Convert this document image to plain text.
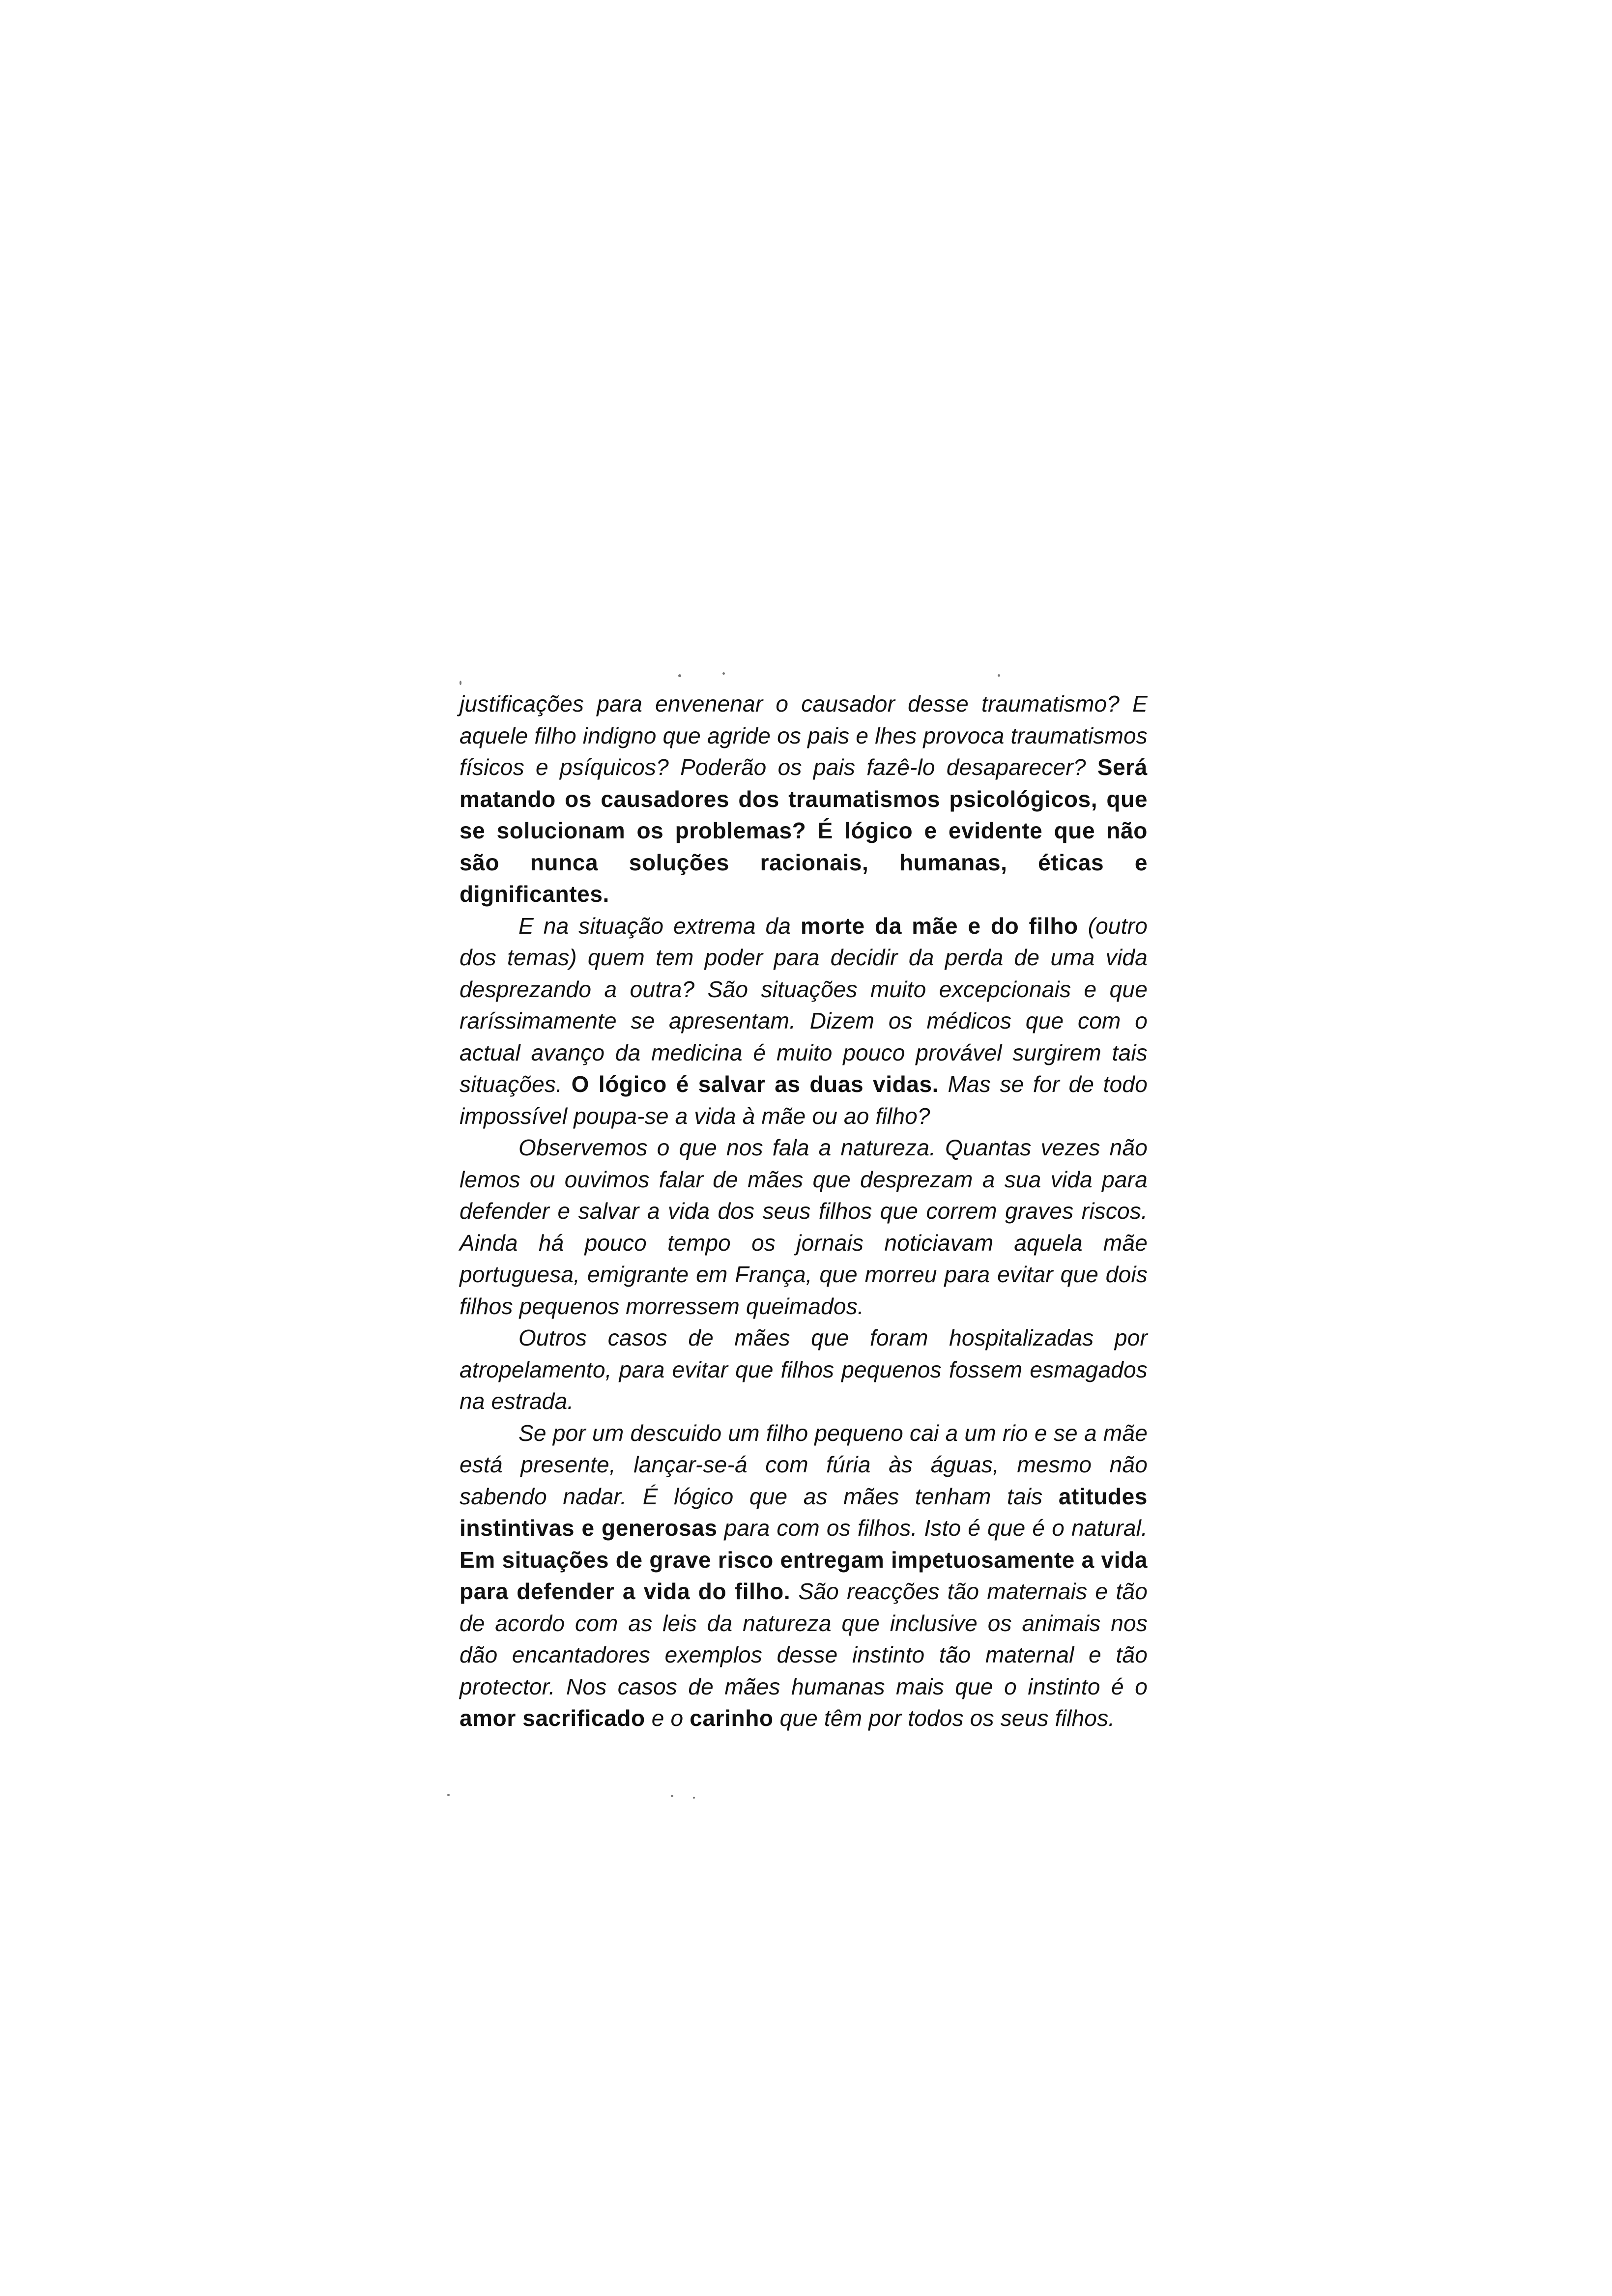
justificações para envenenar o causador desse traumatismo? E aquele filho indigno que agride os pais e lhes provoca traumatismos físicos e psíquicos? Poderão os pais fazê-lo desaparecer? Será matando os causadores dos traumatismos psicológicos, que se solucionam os problemas? É lógico e evidente que não são nunca soluções racionais, humanas, éticas e dignificantes.
E na situação extrema da morte da mãe e do filho (outro dos temas) quem tem poder para decidir da perda de uma vida desprezando a outra? São situações muito excepcionais e que raríssimamente se apresentam. Dizem os médicos que com o actual avanço da medicina é muito pouco provável surgirem tais situações. O lógico é salvar as duas vidas. Mas se for de todo impossível poupa-se a vida à mãe ou ao filho?
Observemos o que nos fala a natureza. Quantas vezes não lemos ou ouvimos falar de mães que desprezam a sua vida para defender e salvar a vida dos seus filhos que correm graves riscos. Ainda há pouco tempo os jornais noticiavam aquela mãe portuguesa, emigrante em França, que morreu para evitar que dois filhos pequenos morressem queimados.
Outros casos de mães que foram hospitalizadas por atropelamento, para evitar que filhos pequenos fossem esmagados na estrada.
Se por um descuido um filho pequeno cai a um rio e se a mãe está presente, lançar-se-á com fúria às águas, mesmo não sabendo nadar. É lógico que as mães tenham tais atitudes instintivas e generosas para com os filhos. Isto é que é o natural. Em situações de grave risco entregam impetuosamente a vida para defender a vida do filho. São reacções tão maternais e tão de acordo com as leis da natureza que inclusive os animais nos dão encantadores exemplos desse instinto tão maternal e tão protector. Nos casos de mães humanas mais que o instinto é o amor sacrificado e o carinho que têm por todos os seus filhos.
